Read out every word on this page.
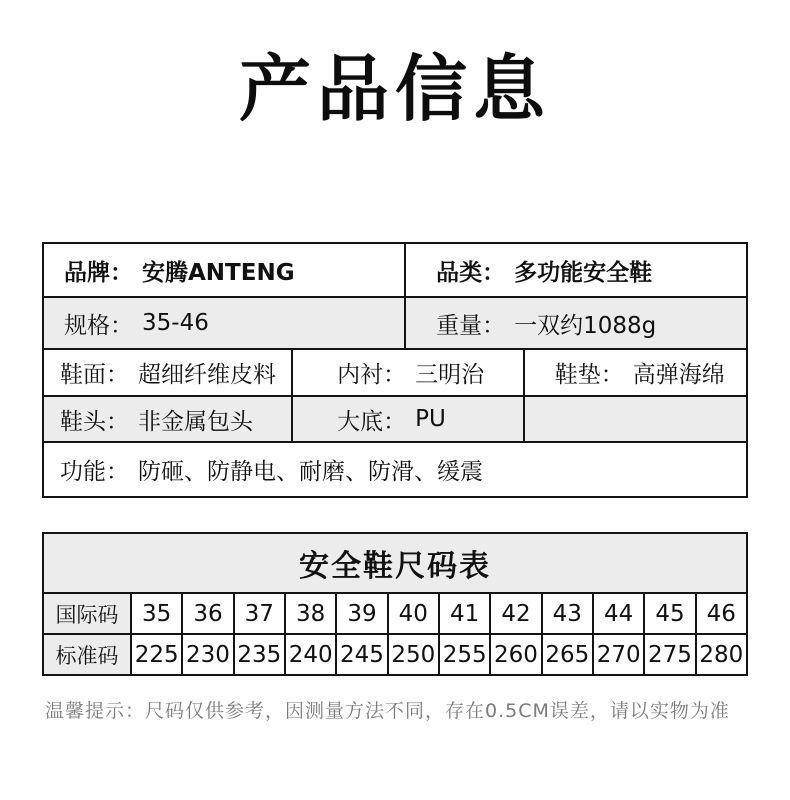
产品信息
品牌： 安腾ANTENG	品类： 多功能安全鞋
规格： 35-46	重量： 一双约1088g
鞋面： 超细纤维皮料	内衬： 三明治	鞋垫： 高弹海绵
鞋头： 非金属包头	大底： PU
功能： 防砸、防静电、耐磨、防滑、缓震
安全鞋尺码表
国际码	35 36 37 38 39 40 41 42 43 44 45 46
标准码 225 230 235 240 245 250 255 260 265 270 275 280

温馨提示：尺码仅供参考，因测量方法不同，存在0.5CM误差，请以实物为准
